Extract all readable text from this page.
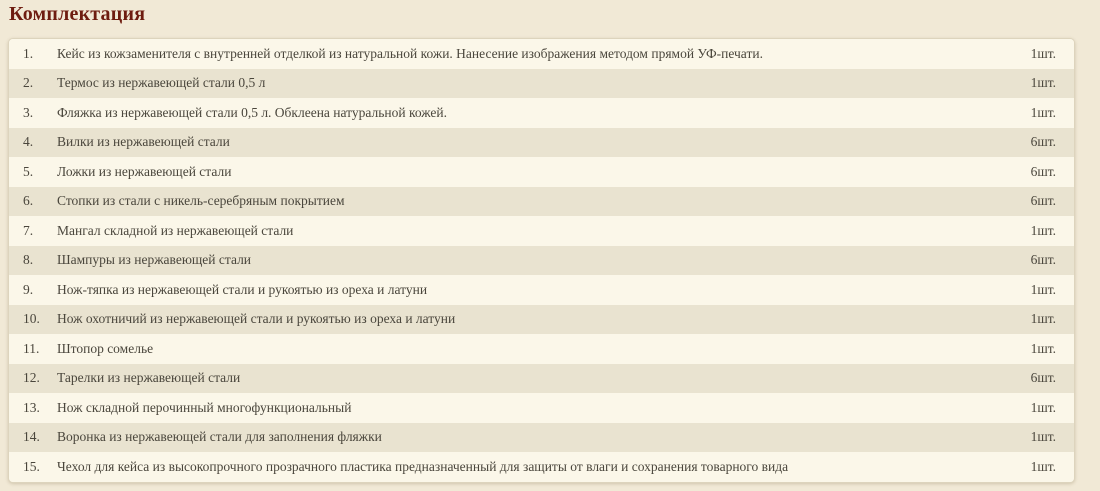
Комплектация
1.	Кейс из кожзаменителя с внутренней отделкой из натуральной кожи. Нанесение изображения методом прямой УФ-печати.	1шт.
2.	Термос из нержавеющей стали 0,5 л	1шт.
3.	Фляжка из нержавеющей стали 0,5 л. Обклеена натуральной кожей.	1шт.
4.	Вилки из нержавеющей стали	6шт.
5.	Ложки из нержавеющей стали	6шт.
6.	Стопки из стали с никель-серебряным покрытием	6шт.
7.	Мангал складной из нержавеющей стали	1шт.
8.	Шампуры из нержавеющей стали	6шт.
9.	Нож-тяпка из нержавеющей стали и рукоятью из ореха и латуни	1шт.
10.	Нож охотничий из нержавеющей стали и рукоятью из ореха и латуни	1шт.
11.	Штопор сомелье	1шт.
12.	Тарелки из нержавеющей стали	6шт.
13.	Нож складной перочинный многофункциональный	1шт.
14.	Воронка из нержавеющей стали для заполнения фляжки	1шт.
15.	Чехол для кейса из высокопрочного прозрачного пластика предназначенный для защиты от влаги и сохранения товарного вида	1шт.
